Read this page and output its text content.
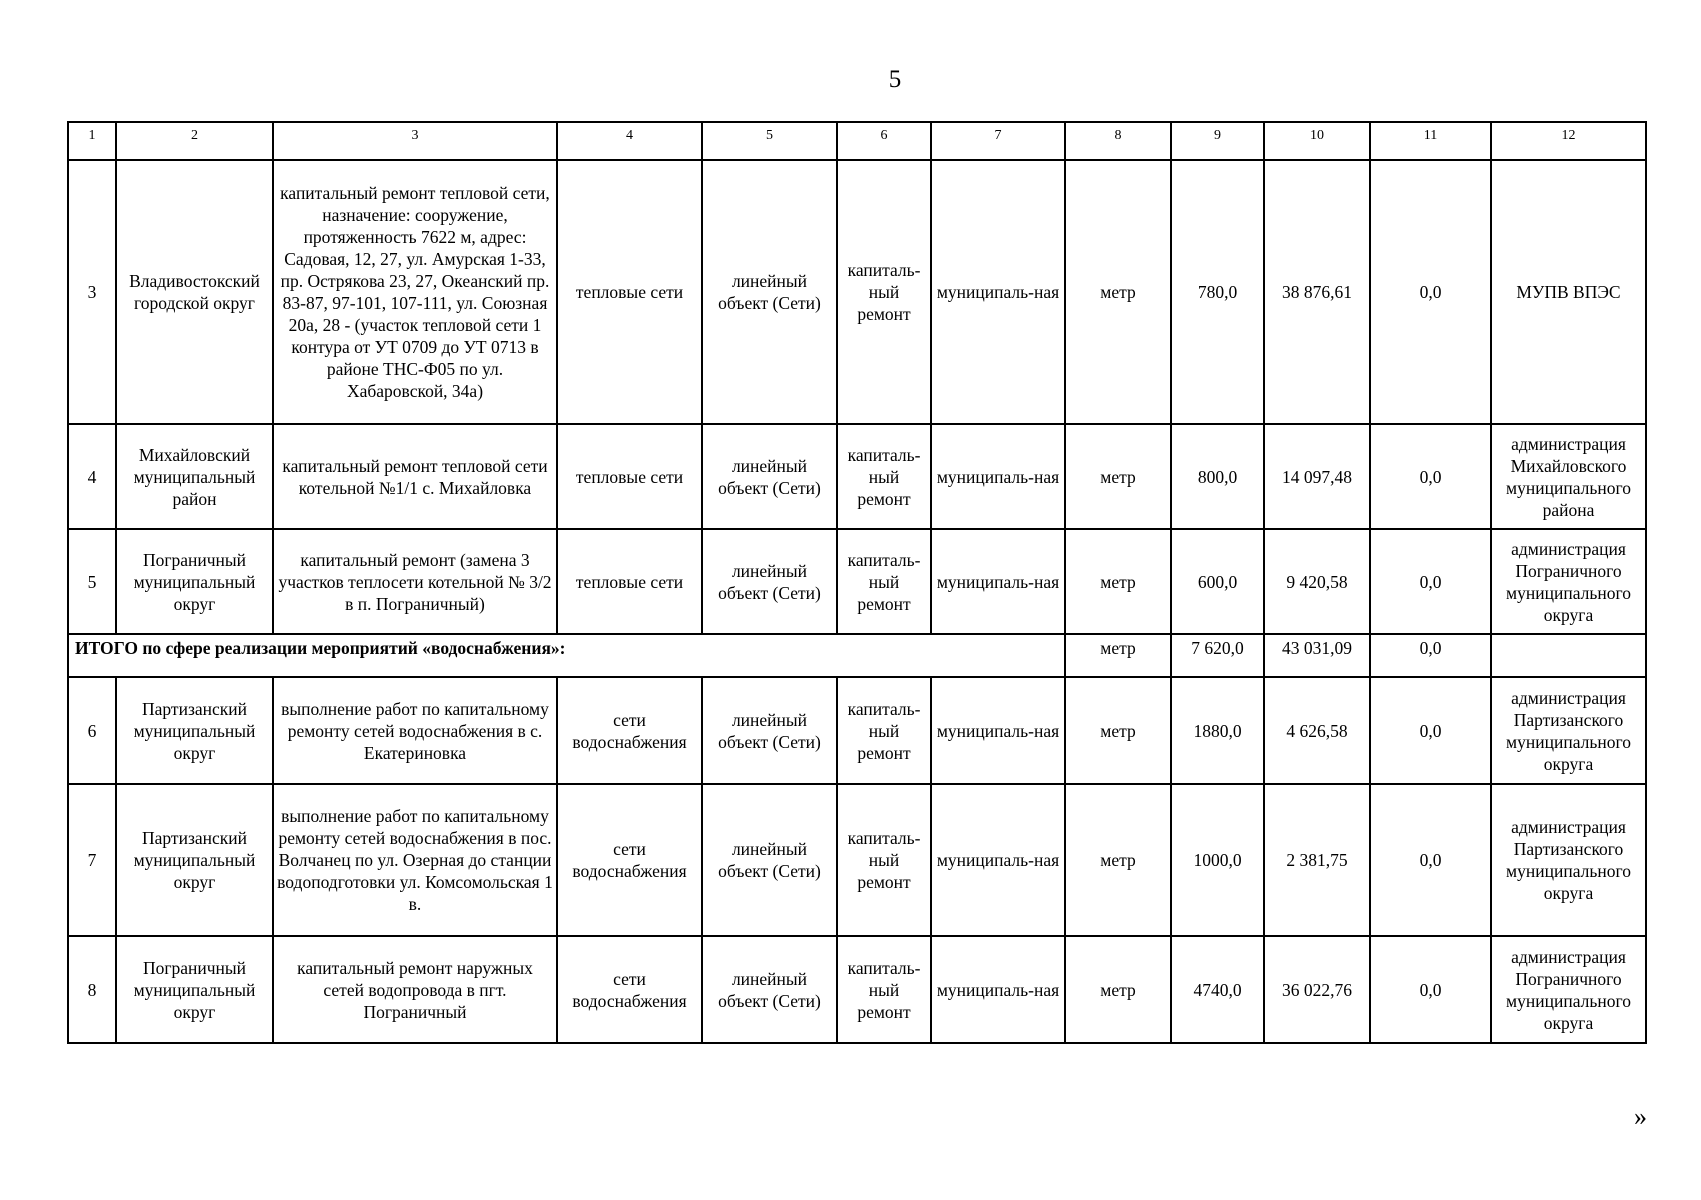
5
1	2	3	4	5	6	7	8	9	10	11	12
3	Владивостокский городской округ	капитальный ремонт тепловой сети, назначение: сооружение, протяженность 7622 м, адрес: Садовая, 12, 27, ул. Амурская 1-33, пр. Острякова 23, 27, Океанский пр. 83-87, 97-101, 107-111, ул. Союзная 20а, 28 - (участок тепловой сети 1 контура от УТ 0709 до УТ 0713 в районе ТНС-Ф05 по ул. Хабаровской, 34а)	тепловые сети	линейный объект (Сети)	капиталь-ный ремонт	муниципаль-ная	метр	780,0	38 876,61	0,0	МУПВ ВПЭС
4	Михайловский муниципальный район	капитальный ремонт тепловой сети котельной №1/1 с. Михайловка	тепловые сети	линейный объект (Сети)	капиталь-ный ремонт	муниципаль-ная	метр	800,0	14 097,48	0,0	администрация Михайловского муниципального района
5	Пограничный муниципальный округ	капитальный ремонт (замена 3 участков теплосети котельной № 3/2 в п. Пограничный)	тепловые сети	линейный объект (Сети)	капиталь-ный ремонт	муниципаль-ная	метр	600,0	9 420,58	0,0	администрация Пограничного муниципального округа
ИТОГО по сфере реализации мероприятий «водоснабжения»:							метр	7 620,0	43 031,09	0,0	
6	Партизанский муниципальный округ	выполнение работ по капитальному ремонту сетей водоснабжения в с. Екатериновка	сети водоснабжения	линейный объект (Сети)	капиталь-ный ремонт	муниципаль-ная	метр	1880,0	4 626,58	0,0	администрация Партизанского муниципального округа
7	Партизанский муниципальный округ	выполнение работ по капитальному ремонту сетей водоснабжения в пос. Волчанец по ул. Озерная до станции водоподготовки ул. Комсомольская 1 в.	сети водоснабжения	линейный объект (Сети)	капиталь-ный ремонт	муниципаль-ная	метр	1000,0	2 381,75	0,0	администрация Партизанского муниципального округа
8	Пограничный муниципальный округ	капитальный ремонт наружных сетей водопровода в пгт. Пограничный	сети водоснабжения	линейный объект (Сети)	капиталь-ный ремонт	муниципаль-ная	метр	4740,0	36 022,76	0,0	администрация Пограничного муниципального округа
»
